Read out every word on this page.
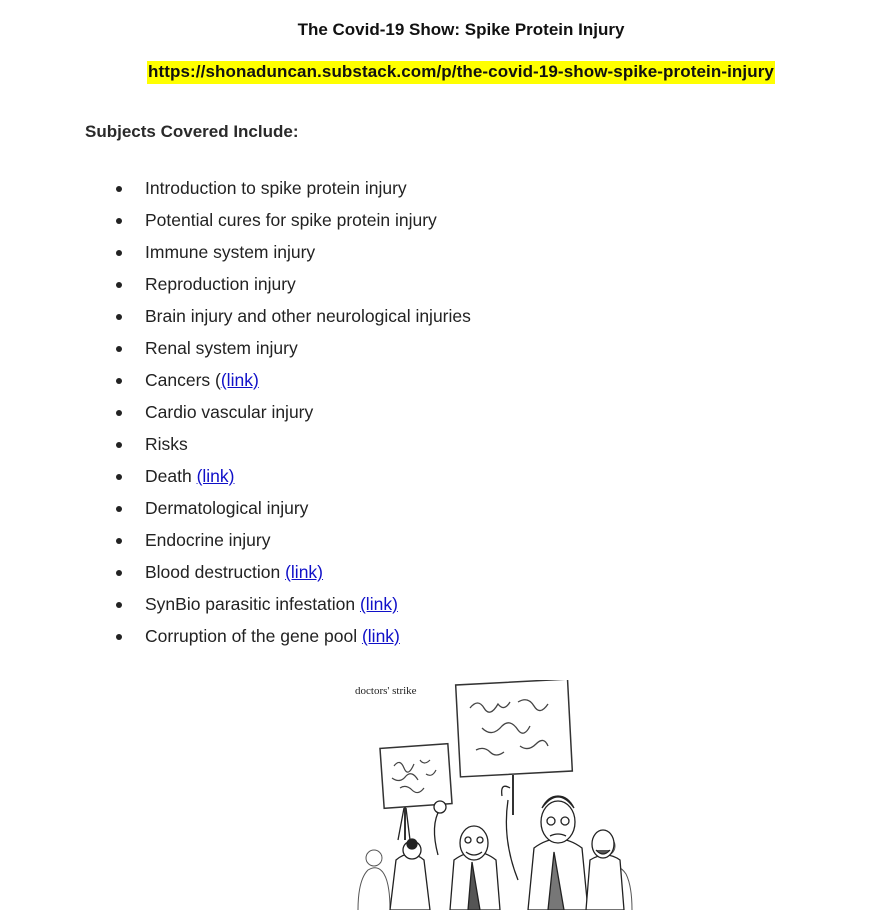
The Covid-19 Show: Spike Protein Injury
https://shonaduncan.substack.com/p/the-covid-19-show-spike-protein-injury
Subjects Covered Include:
Introduction to spike protein injury
Potential cures for spike protein injury
Immune system injury
Reproduction injury
Brain injury and other neurological injuries
Renal system injury
Cancers ((link)
Cardio vascular injury
Risks
Death (link)
Dermatological injury
Endocrine injury
Blood destruction (link)
SynBio parasitic infestation (link)
Corruption of the gene pool (link)
doctors' strike
